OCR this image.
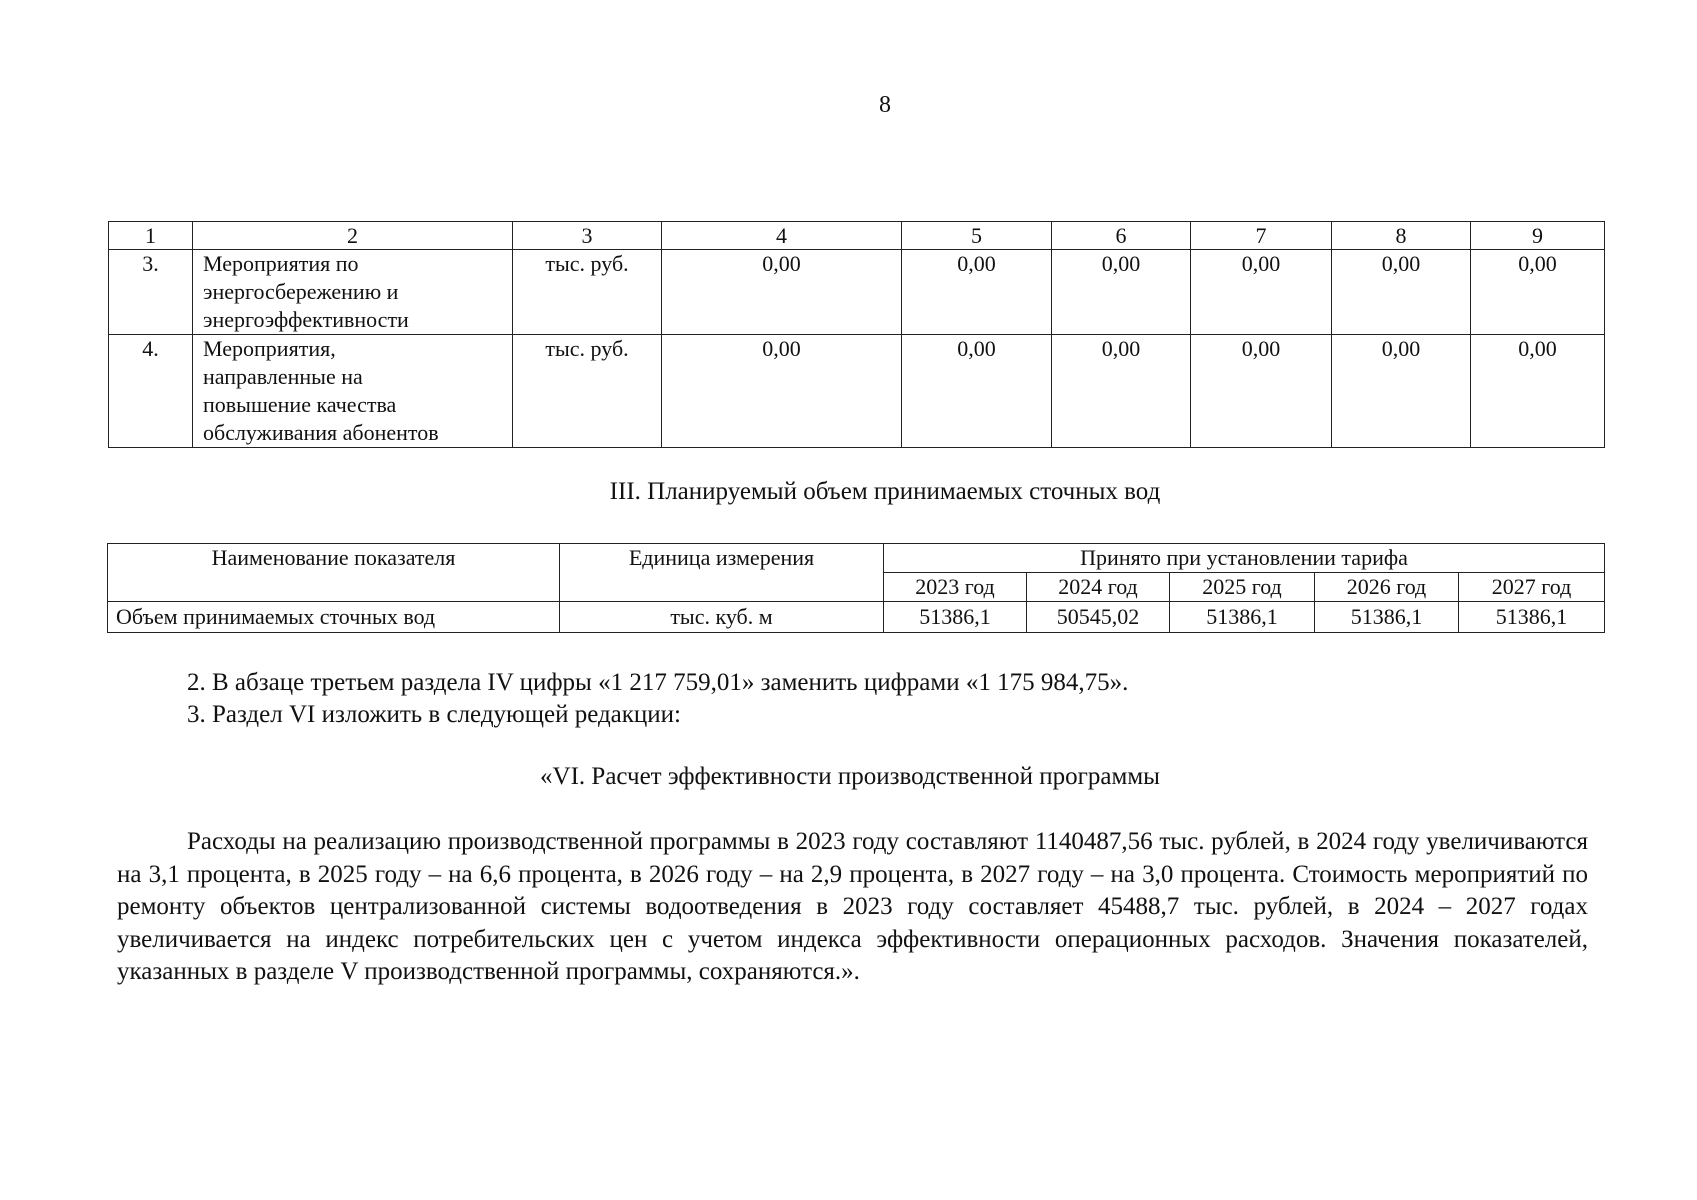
8
1	2	3	4	5	6	7	8	9
3.	Мероприятия по
энергосбережению и
энергоэффективности	тыс. руб.	0,00	0,00	0,00	0,00	0,00	0,00
4.	Мероприятия,
направленные на
повышение качества
обслуживания абонентов	тыс. руб.	0,00	0,00	0,00	0,00	0,00	0,00
III. Планируемый объем принимаемых сточных вод
Наименование показателя	Единица измерения	Принято при установлении тарифа				
		2023 год	2024 год	2025 год	2026 год	2027 год
Объем принимаемых сточных вод	тыс. куб. м	51386,1	50545,02	51386,1	51386,1	51386,1
2. В абзаце третьем раздела IV цифры «1 217 759,01» заменить цифрами «1 175 984,75».
3. Раздел VI изложить в следующей редакции:
«VI. Расчет эффективности производственной программы

Расходы на реализацию производственной программы в 2023 году составляют 1140487,56 тыс. рублей, в 2024 году увеличиваются на 3,1 процента, в 2025 году – на 6,6 процента, в 2026 году – на 2,9 процента, в 2027 году – на 3,0 процента. Стоимость мероприятий по ремонту объектов централизованной системы водоотведения в 2023 году составляет 45488,7 тыс. рублей, в 2024 – 2027 годах увеличивается на индекс потребительских цен с учетом индекса эффективности операционных расходов. Значения показателей, указанных в разделе V производственной программы, сохраняются.».
